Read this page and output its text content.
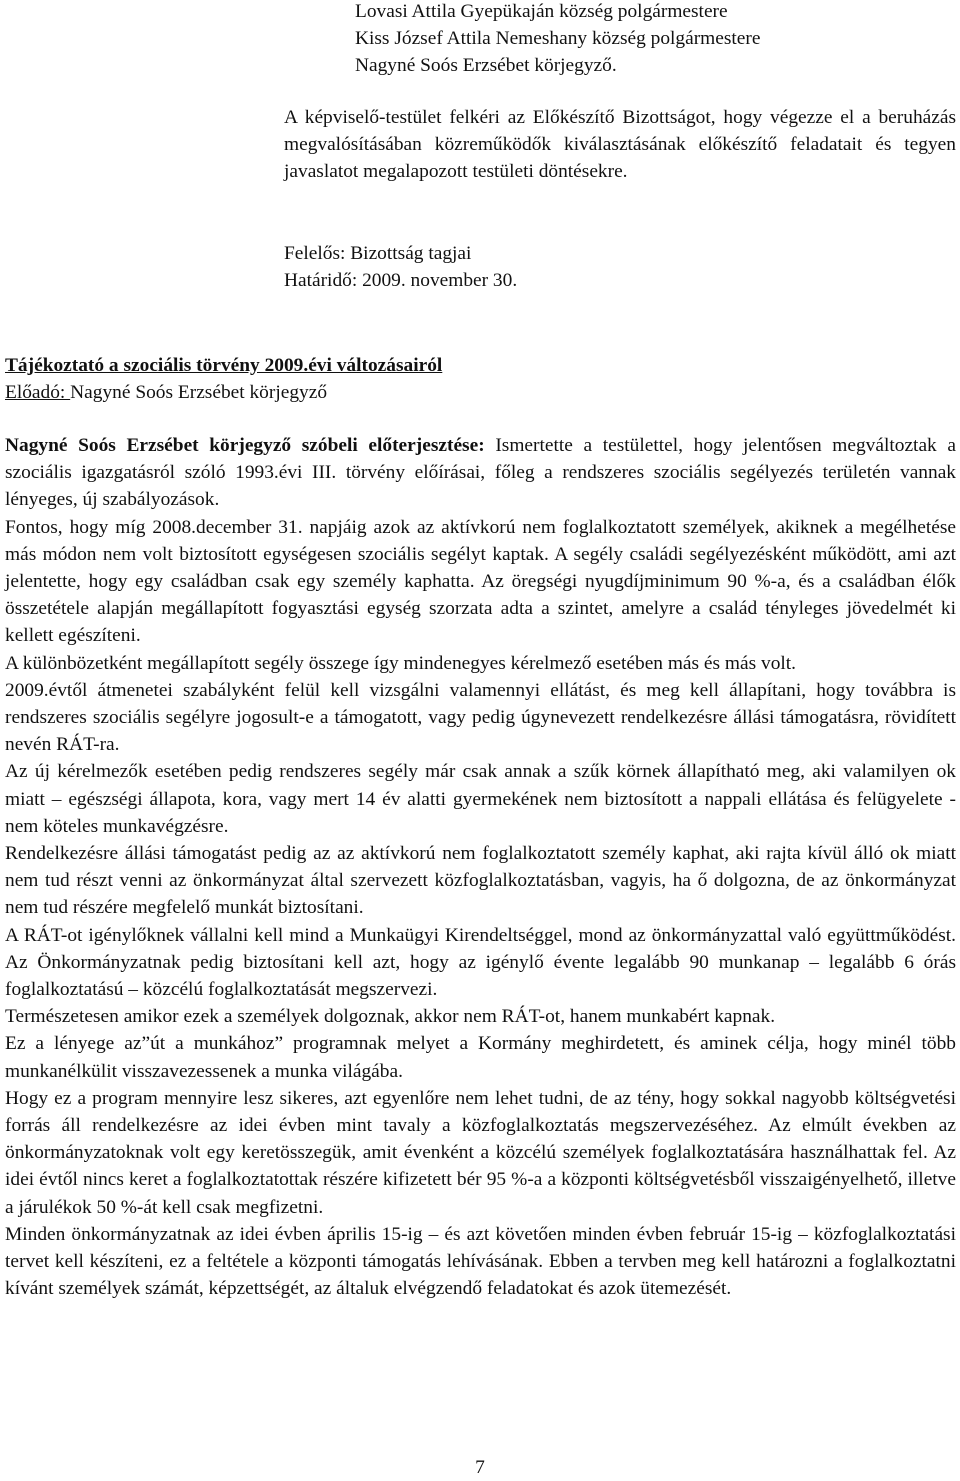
Lovasi Attila Gyepükaján község polgármestere
Kiss József Attila Nemeshany község polgármestere
Nagyné Soós Erzsébet körjegyző.

A képviselő-testület felkéri az Előkészítő Bizottságot, hogy végezze el a beruházás megvalósításában közreműködők kiválasztásának előkészítő feladatait és tegyen javaslatot megalapozott testületi döntésekre.

Felelős: Bizottság tagjai
Határidő: 2009. november 30.
Tájékoztató a szociális törvény 2009.évi változásairól
Előadó: Nagyné Soós Erzsébet körjegyző

Nagyné Soós Erzsébet körjegyző szóbeli előterjesztése: Ismertette a testülettel, hogy jelentősen megváltoztak a szociális igazgatásról szóló 1993.évi III. törvény előírásai, főleg a rendszeres szociális segélyezés területén vannak lényeges, új szabályozások.

Fontos, hogy míg 2008.december 31. napjáig azok az aktívkorú nem foglalkoztatott személyek, akiknek a megélhetése más módon nem volt biztosított egységesen szociális segélyt kaptak. A segély családi segélyezésként működött, ami azt jelentette, hogy egy családban csak egy személy kaphatta. Az öregségi nyugdíjminimum 90 %-a, és a családban élők összetétele alapján megállapított fogyasztási egység szorzata adta a szintet, amelyre a család tényleges jövedelmét ki kellett egészíteni.

A különbözetként megállapított segély összege így mindenegyes kérelmező esetében más és más volt.

2009.évtől átmenetei szabályként felül kell vizsgálni valamennyi ellátást, és meg kell állapítani, hogy továbbra is rendszeres szociális segélyre jogosult-e a támogatott, vagy pedig úgynevezett rendelkezésre állási támogatásra, rövidített nevén RÁT-ra.

Az új kérelmezők esetében pedig rendszeres segély már csak annak a szűk körnek állapítható meg, aki valamilyen ok miatt – egészségi állapota, kora, vagy mert 14 év alatti gyermekének nem biztosított a nappali ellátása és felügyelete - nem köteles munkavégzésre.

Rendelkezésre állási támogatást pedig az az aktívkorú nem foglalkoztatott személy kaphat, aki rajta kívül álló ok miatt nem tud részt venni az önkormányzat által szervezett közfoglalkoztatásban, vagyis, ha ő dolgozna, de az önkormányzat nem tud részére megfelelő munkát biztosítani.

A RÁT-ot igénylőknek vállalni kell mind a Munkaügyi Kirendeltséggel, mond az önkormányzattal való együttműködést. Az Önkormányzatnak pedig biztosítani kell azt, hogy az igénylő évente legalább 90 munkanap – legalább 6 órás foglalkoztatású – közcélú foglalkoztatását megszervezi.

Természetesen amikor ezek a személyek dolgoznak, akkor nem RÁT-ot, hanem munkabért kapnak.

Ez a lényege az”út a munkához” programnak melyet a Kormány meghirdetett, és aminek célja, hogy minél több munkanélkülit visszavezessenek a munka világába.

Hogy ez a program mennyire lesz sikeres, azt egyenlőre nem lehet tudni, de az tény, hogy sokkal nagyobb költségvetési forrás áll rendelkezésre az idei évben mint tavaly a közfoglalkoztatás megszervezéséhez. Az elmúlt években az önkormányzatoknak volt egy keretösszegük, amit évenként a közcélú személyek foglalkoztatására használhattak fel. Az idei évtől nincs keret a foglalkoztatottak részére kifizetett bér 95 %-a a központi költségvetésből visszaigényelhető, illetve a járulékok 50 %-át kell csak megfizetni.

Minden önkormányzatnak az idei évben április 15-ig – és azt követően minden évben február 15-ig – közfoglalkoztatási tervet kell készíteni, ez a feltétele a központi támogatás lehívásának. Ebben a tervben meg kell határozni a foglalkoztatni kívánt személyek számát, képzettségét, az általuk elvégzendő feladatokat és azok ütemezését.

7
